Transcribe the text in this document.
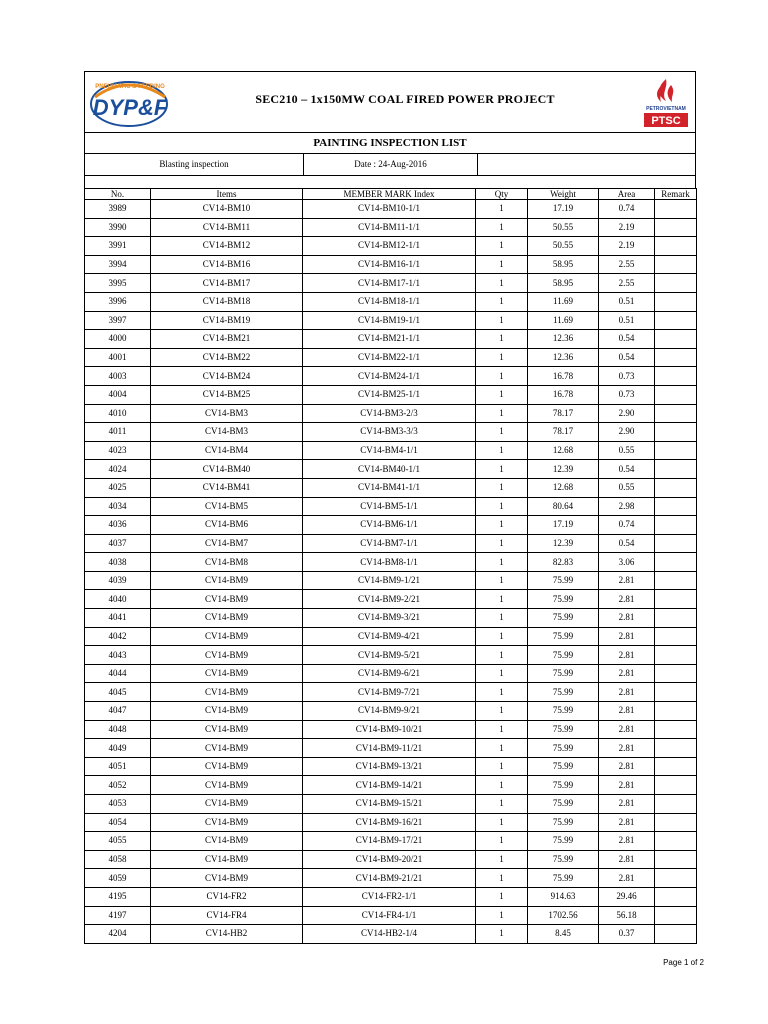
PNEUMATIC & FEEDING
DYP&F	SEC210 – 1x150MW COAL FIRED POWER PROJECT
PETROVIETNAM
PTSC
PAINTING INSPECTION LIST
Blasting inspection	Date : 24-Aug-2016
No.	Items	MEMBER MARK Index	Qty	Weight	Area	Remark
3989	CV14-BM10	CV14-BM10-1/1	1	17.19	0.74	
3990	CV14-BM11	CV14-BM11-1/1	1	50.55	2.19	
3991	CV14-BM12	CV14-BM12-1/1	1	50.55	2.19	
3994	CV14-BM16	CV14-BM16-1/1	1	58.95	2.55	
3995	CV14-BM17	CV14-BM17-1/1	1	58.95	2.55	
3996	CV14-BM18	CV14-BM18-1/1	1	11.69	0.51	
3997	CV14-BM19	CV14-BM19-1/1	1	11.69	0.51	
4000	CV14-BM21	CV14-BM21-1/1	1	12.36	0.54	
4001	CV14-BM22	CV14-BM22-1/1	1	12.36	0.54	
4003	CV14-BM24	CV14-BM24-1/1	1	16.78	0.73	
4004	CV14-BM25	CV14-BM25-1/1	1	16.78	0.73	
4010	CV14-BM3	CV14-BM3-2/3	1	78.17	2.90	
4011	CV14-BM3	CV14-BM3-3/3	1	78.17	2.90	
4023	CV14-BM4	CV14-BM4-1/1	1	12.68	0.55	
4024	CV14-BM40	CV14-BM40-1/1	1	12.39	0.54	
4025	CV14-BM41	CV14-BM41-1/1	1	12.68	0.55	
4034	CV14-BM5	CV14-BM5-1/1	1	80.64	2.98	
4036	CV14-BM6	CV14-BM6-1/1	1	17.19	0.74	
4037	CV14-BM7	CV14-BM7-1/1	1	12.39	0.54	
4038	CV14-BM8	CV14-BM8-1/1	1	82.83	3.06	
4039	CV14-BM9	CV14-BM9-1/21	1	75.99	2.81	
4040	CV14-BM9	CV14-BM9-2/21	1	75.99	2.81	
4041	CV14-BM9	CV14-BM9-3/21	1	75.99	2.81	
4042	CV14-BM9	CV14-BM9-4/21	1	75.99	2.81	
4043	CV14-BM9	CV14-BM9-5/21	1	75.99	2.81	
4044	CV14-BM9	CV14-BM9-6/21	1	75.99	2.81	
4045	CV14-BM9	CV14-BM9-7/21	1	75.99	2.81	
4047	CV14-BM9	CV14-BM9-9/21	1	75.99	2.81	
4048	CV14-BM9	CV14-BM9-10/21	1	75.99	2.81	
4049	CV14-BM9	CV14-BM9-11/21	1	75.99	2.81	
4051	CV14-BM9	CV14-BM9-13/21	1	75.99	2.81	
4052	CV14-BM9	CV14-BM9-14/21	1	75.99	2.81	
4053	CV14-BM9	CV14-BM9-15/21	1	75.99	2.81	
4054	CV14-BM9	CV14-BM9-16/21	1	75.99	2.81	
4055	CV14-BM9	CV14-BM9-17/21	1	75.99	2.81	
4058	CV14-BM9	CV14-BM9-20/21	1	75.99	2.81	
4059	CV14-BM9	CV14-BM9-21/21	1	75.99	2.81	
4195	CV14-FR2	CV14-FR2-1/1	1	914.63	29.46	
4197	CV14-FR4	CV14-FR4-1/1	1	1702.56	56.18	
4204	CV14-HB2	CV14-HB2-1/4	1	8.45	0.37	
Page 1 of 2
